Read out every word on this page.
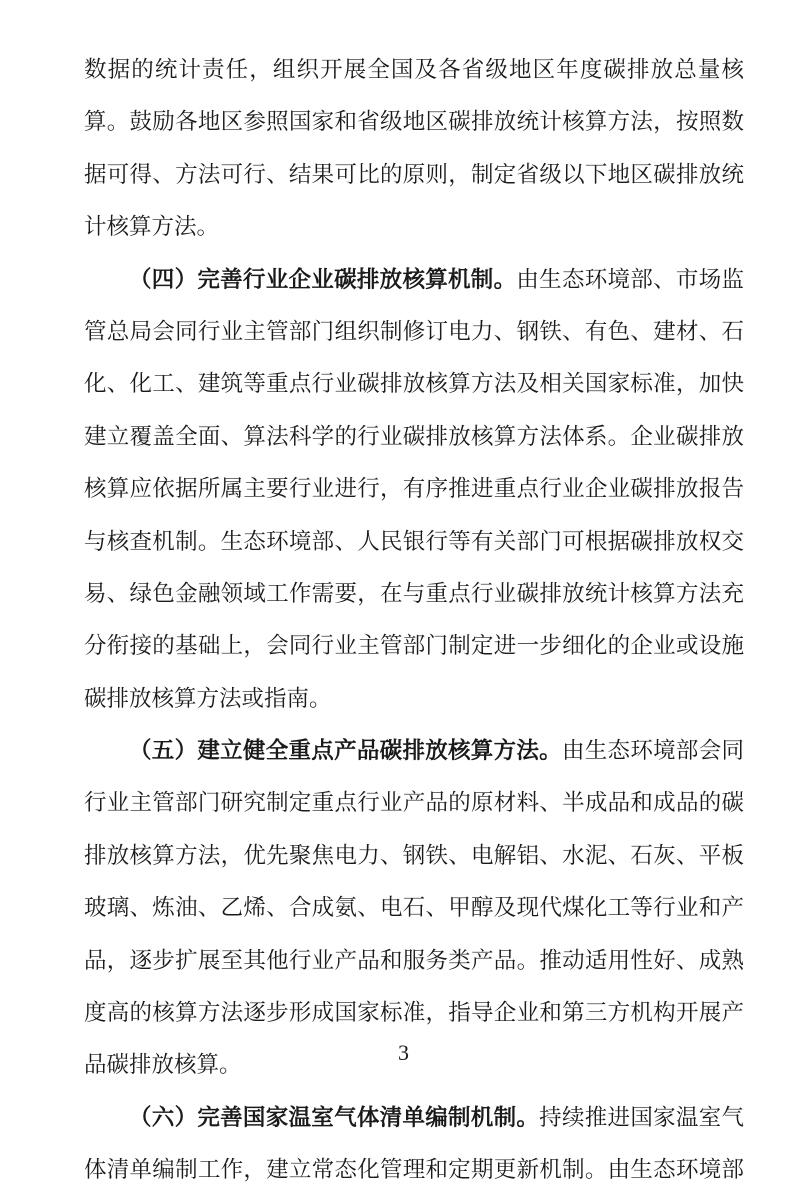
数据的统计责任，组织开展全国及各省级地区年度碳排放总量核
算。鼓励各地区参照国家和省级地区碳排放统计核算方法，按照数
据可得、方法可行、结果可比的原则，制定省级以下地区碳排放统
计核算方法。
（四）完善行业企业碳排放核算机制。由生态环境部、市场监
管总局会同行业主管部门组织制修订电力、钢铁、有色、建材、石
化、化工、建筑等重点行业碳排放核算方法及相关国家标准，加快
建立覆盖全面、算法科学的行业碳排放核算方法体系。企业碳排放
核算应依据所属主要行业进行，有序推进重点行业企业碳排放报告
与核查机制。生态环境部、人民银行等有关部门可根据碳排放权交
易、绿色金融领域工作需要，在与重点行业碳排放统计核算方法充
分衔接的基础上，会同行业主管部门制定进一步细化的企业或设施
碳排放核算方法或指南。
（五）建立健全重点产品碳排放核算方法。由生态环境部会同
行业主管部门研究制定重点行业产品的原材料、半成品和成品的碳
排放核算方法，优先聚焦电力、钢铁、电解铝、水泥、石灰、平板
玻璃、炼油、乙烯、合成氨、电石、甲醇及现代煤化工等行业和产
品，逐步扩展至其他行业产品和服务类产品。推动适用性好、成熟
度高的核算方法逐步形成国家标准，指导企业和第三方机构开展产
品碳排放核算。
（六）完善国家温室气体清单编制机制。持续推进国家温室气
体清单编制工作，建立常态化管理和定期更新机制。由生态环境部
3
